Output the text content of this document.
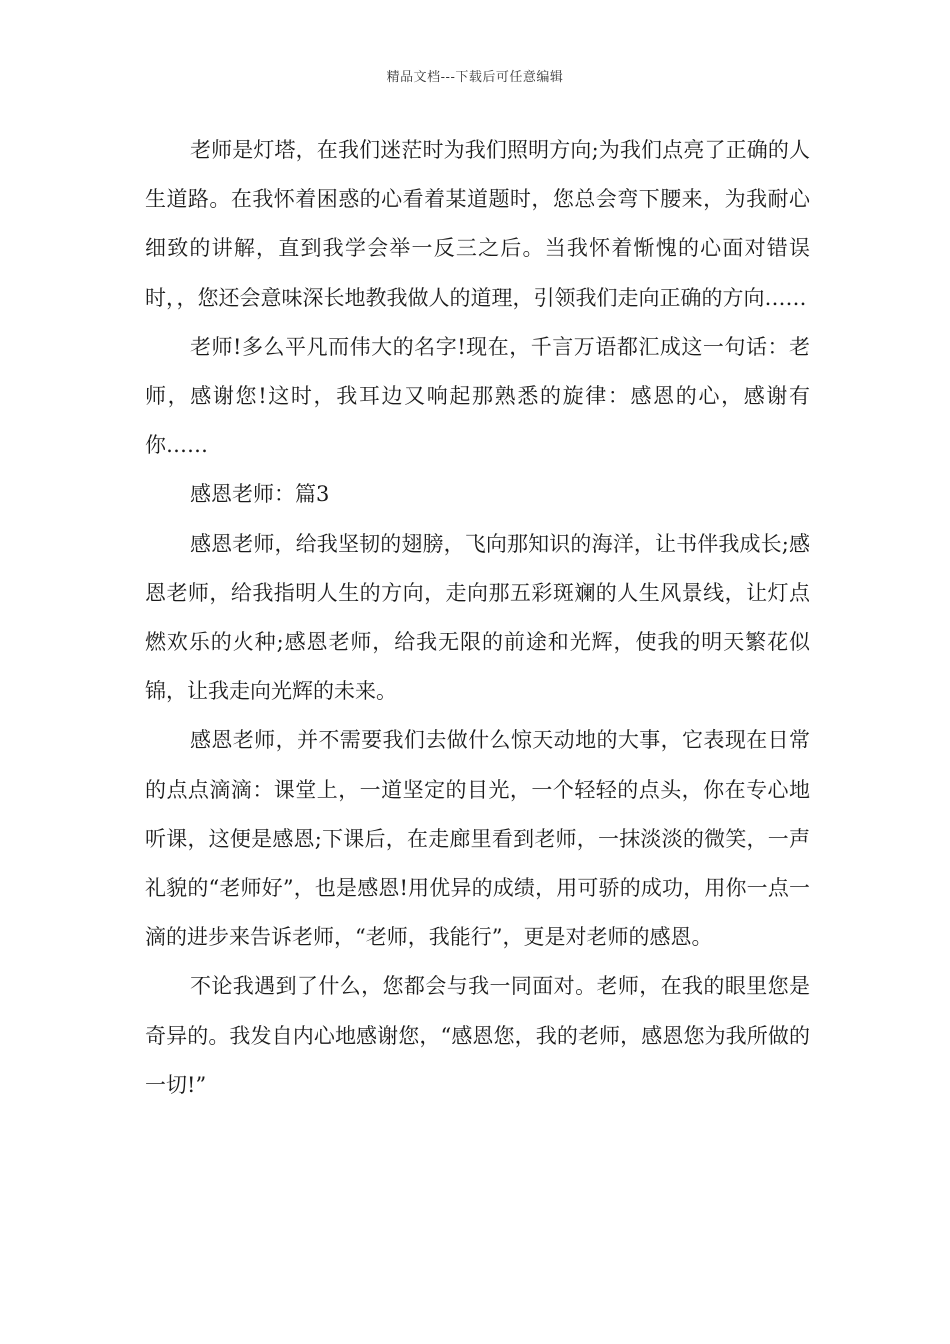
精品文档---下载后可任意编辑

老师是灯塔，在我们迷茫时为我们照明方向;为我们点亮了正确的人生道路。在我怀着困惑的心看着某道题时，您总会弯下腰来，为我耐心细致的讲解，直到我学会举一反三之后。当我怀着惭愧的心面对错误时，，您还会意味深长地教我做人的道理，引领我们走向正确的方向……

老师!多么平凡而伟大的名字!现在，千言万语都汇成这一句话：老师，感谢您!这时，我耳边又响起那熟悉的旋律：感恩的心，感谢有你……

感恩老师：篇3

感恩老师，给我坚韧的翅膀，飞向那知识的海洋，让书伴我成长;感恩老师，给我指明人生的方向，走向那五彩斑斓的人生风景线，让灯点燃欢乐的火种;感恩老师，给我无限的前途和光辉，使我的明天繁花似锦，让我走向光辉的未来。

感恩老师，并不需要我们去做什么惊天动地的大事，它表现在日常的点点滴滴：课堂上，一道坚定的目光，一个轻轻的点头，你在专心地听课，这便是感恩;下课后，在走廊里看到老师，一抹淡淡的微笑，一声礼貌的“老师好”，也是感恩!用优异的成绩，用可骄的成功，用你一点一滴的进步来告诉老师，“老师，我能行”，更是对老师的感恩。

不论我遇到了什么，您都会与我一同面对。老师，在我的眼里您是奇异的。我发自内心地感谢您，“感恩您，我的老师，感恩您为我所做的一切!”
